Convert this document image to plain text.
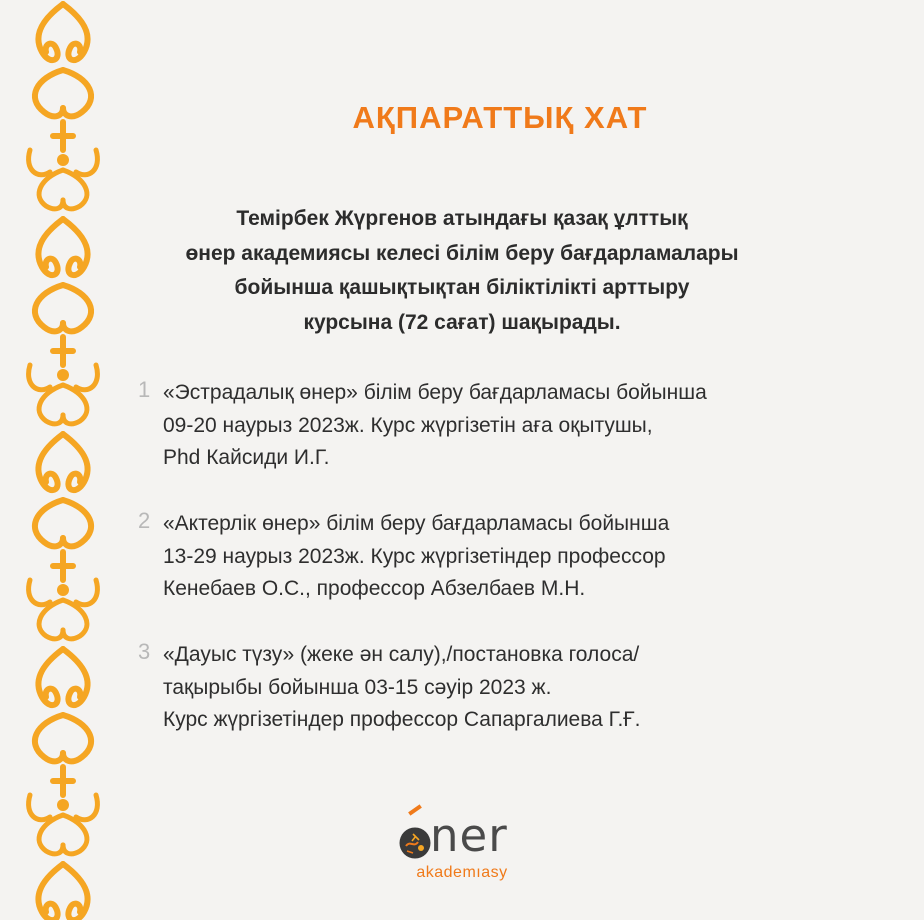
АҚПАРАТТЫҚ ХАТ
Темірбек Жүргенов атындағы қазақ ұлттық
өнер академиясы келесі білім беру бағдарламалары
бойынша қашықтықтан біліктілікті арттыру
курсына (72 сағат) шақырады.
1 «Эстрадалық өнер» білім беру бағдарламасы бойынша
09-20 наурыз 2023ж. Курс жүргізетін аға оқытушы,
Phd Кайсиди И.Г.
2 «Актерлік өнер» білім беру бағдарламасы бойынша
13-29 наурыз 2023ж. Курс жүргізетіндер профессор
Кенебаев О.С., профессор Абзелбаев М.Н.
3 «Дауыс түзу» (жеке ән салу),/постановка голоса/
тақырыбы бойынша 03-15 сәуір 2023 ж.
Курс жүргізетіндер профессор Сапаргалиева Г.Ғ.
ner
akademıasy
